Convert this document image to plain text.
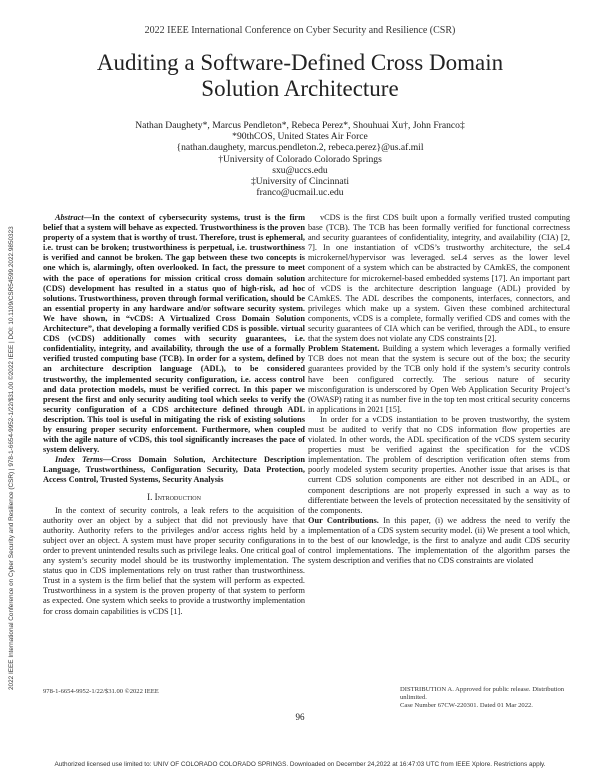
2022 IEEE International Conference on Cyber Security and Resilience (CSR)
Auditing a Software-Defined Cross Domain
Solution Architecture
Nathan Daughety*, Marcus Pendleton*, Rebeca Perez*, Shouhuai Xu†, John Franco‡
*90thCOS, United States Air Force
{nathan.daughety, marcus.pendleton.2, rebeca.perez}@us.af.mil
†University of Colorado Colorado Springs
sxu@uccs.edu
‡University of Cincinnati
franco@ucmail.uc.edu
2022 IEEE International Conference on Cyber Security and Resilience (CSR) | 978-1-6654-9952-1/22/$31.00 ©2022 IEEE | DOI: 10.1109/CSR54599.2022.9850323

Abstract—In the context of cybersecurity systems, trust is the firm belief that a system will behave as expected. Trustworthiness is the proven property of a system that is worthy of trust. Therefore, trust is ephemeral, i.e. trust can be broken; trustworthiness is perpetual, i.e. trustworthiness is verified and cannot be broken. The gap between these two concepts is one which is, alarmingly, often overlooked. In fact, the pressure to meet with the pace of operations for mission critical cross domain solution (CDS) development has resulted in a status quo of high-risk, ad hoc solutions. Trustworthiness, proven through formal verification, should be an essential property in any hardware and/or software security system. We have shown, in “vCDS: A Virtualized Cross Domain Solution Architecture”, that developing a formally verified CDS is possible. virtual CDS (vCDS) additionally comes with security guarantees, i.e. confidentiality, integrity, and availability, through the use of a formally verified trusted computing base (TCB). In order for a system, defined by an architecture description language (ADL), to be considered trustworthy, the implemented security configuration, i.e. access control and data protection models, must be verified correct. In this paper we present the first and only security auditing tool which seeks to verify the security configuration of a CDS architecture defined through ADL description. This tool is useful in mitigating the risk of existing solutions by ensuring proper security enforcement. Furthermore, when coupled with the agile nature of vCDS, this tool significantly increases the pace of system delivery.

Index Terms—Cross Domain Solution, Architecture Description Language, Trustworthiness, Configuration Security, Data Protection, Access Control, Trusted Systems, Security Analysis

I. Introduction

In the context of security controls, a leak refers to the acquisition of authority over an object by a subject that did not previously have that authority. Authority refers to the privileges and/or access rights held by a subject over an object. A system must have proper security configurations in order to prevent unintended results such as privilege leaks. One critical goal of any system’s security model should be its trustworthy implementation. The status quo in CDS implementations rely on trust rather than trustworthiness. Trust in a system is the firm belief that the system will perform as expected. Trustworthiness in a system is the proven property of that system to perform as expected. One system which seeks to provide a trustworthy implementation for cross domain capabilities is vCDS [1].

vCDS is the first CDS built upon a formally verified trusted computing base (TCB). The TCB has been formally verified for functional correctness and security guarantees of confidentiality, integrity, and availability (CIA) [2, 7]. In one instantiation of vCDS’s trustworthy architecture, the seL4 microkernel/hypervisor was leveraged. seL4 serves as the lower level component of a system which can be abstracted by CAmkES, the component architecture for microkernel-based embedded systems [17]. An important part of vCDS is the architecture description language (ADL) provided by CAmkES. The ADL describes the components, interfaces, connectors, and privileges which make up a system. Given these combined architectural components, vCDS is a complete, formally verified CDS and comes with the security guarantees of CIA which can be verified, through the ADL, to ensure that the system does not violate any CDS constraints [2].

Problem Statement. Building a system which leverages a formally verified TCB does not mean that the system is secure out of the box; the security guarantees provided by the TCB only hold if the system’s security controls have been configured correctly. The serious nature of security misconfiguration is underscored by Open Web Application Security Project’s (OWASP) rating it as number five in the top ten most critical security concerns in applications in 2021 [15].

In order for a vCDS instantiation to be proven trustworthy, the system must be audited to verify that no CDS information flow properties are violated. In other words, the ADL specification of the vCDS system security properties must be verified against the specification for the vCDS implementation. The problem of description verification often stems from poorly modeled system security properties. Another issue that arises is that current CDS solution components are either not described in an ADL, or component descriptions are not properly expressed in such a way as to differentiate between the levels of protection necessitated by the sensitivity of the components.

Our Contributions. In this paper, (i) we address the need to verify the implementation of a CDS system security model. (ii) We present a tool which, to the best of our knowledge, is the first to analyze and audit CDS security control implementations. The implementation of the algorithm parses the system description and verifies that no CDS constraints are violated

978-1-6654-9952-1/22/$31.00 ©2022 IEEE	DISTRIBUTION A. Approved for public release. Distribution unlimited.
Case Number 67CW-220301. Dated 01 Mar 2022.
96
Authorized licensed use limited to: UNIV OF COLORADO COLORADO SPRINGS. Downloaded on December 24,2022 at 16:47:03 UTC from IEEE Xplore. Restrictions apply.
